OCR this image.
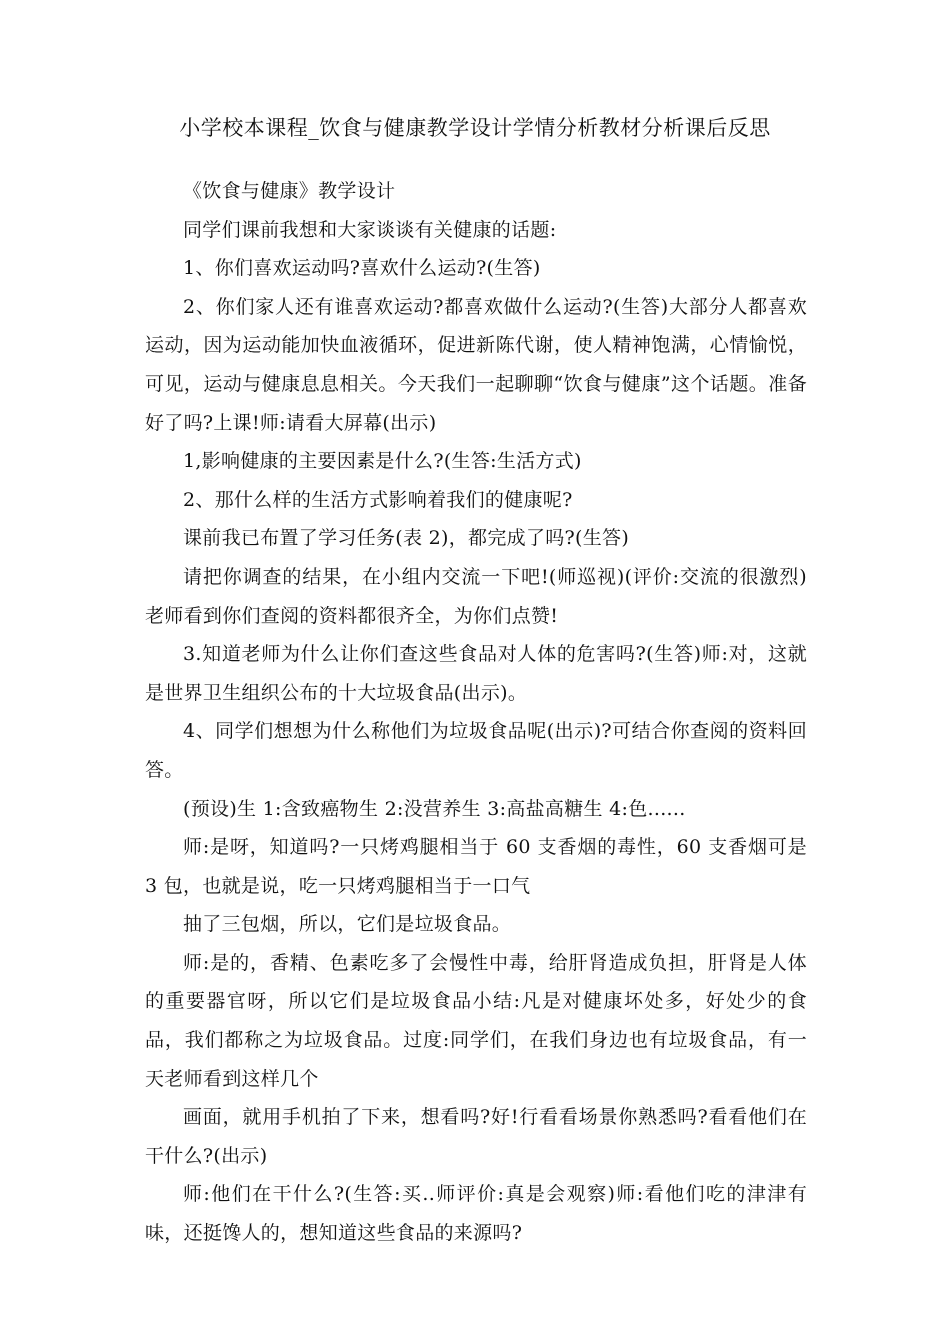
小学校本课程_饮食与健康教学设计学情分析教材分析课后反思

《饮食与健康》教学设计

同学们课前我想和大家谈谈有关健康的话题:

1、你们喜欢运动吗?喜欢什么运动?(生答)

2、你们家人还有谁喜欢运动?都喜欢做什么运动?(生答)大部分人都喜欢运动，因为运动能加快血液循环，促进新陈代谢，使人精神饱满，心情愉悦，可见，运动与健康息息相关。今天我们一起聊聊“饮食与健康”这个话题。准备好了吗?上课!师:请看大屏幕(出示)

1,影响健康的主要因素是什么?(生答:生活方式)

2、那什么样的生活方式影响着我们的健康呢?

课前我已布置了学习任务(表 2)，都完成了吗?(生答)

请把你调查的结果，在小组内交流一下吧!(师巡视)(评价:交流的很激烈)老师看到你们查阅的资料都很齐全，为你们点赞!

3.知道老师为什么让你们查这些食品对人体的危害吗?(生答)师:对，这就是世界卫生组织公布的十大垃圾食品(出示)。

4、同学们想想为什么称他们为垃圾食品呢(出示)?可结合你查阅的资料回答。

(预设)生 1:含致癌物生 2:没营养生 3:高盐高糖生 4:色......

师:是呀，知道吗?一只烤鸡腿相当于 60 支香烟的毒性，60 支香烟可是 3 包，也就是说，吃一只烤鸡腿相当于一口气

抽了三包烟，所以，它们是垃圾食品。

师:是的，香精、色素吃多了会慢性中毒，给肝肾造成负担，肝肾是人体的重要器官呀，所以它们是垃圾食品小结:凡是对健康坏处多，好处少的食品，我们都称之为垃圾食品。过度:同学们，在我们身边也有垃圾食品，有一天老师看到这样几个

画面，就用手机拍了下来，想看吗?好!行看看场景你熟悉吗?看看他们在干什么?(出示)

师:他们在干什么?(生答:买..师评价:真是会观察)师:看他们吃的津津有味，还挺馋人的，想知道这些食品的来源吗?
